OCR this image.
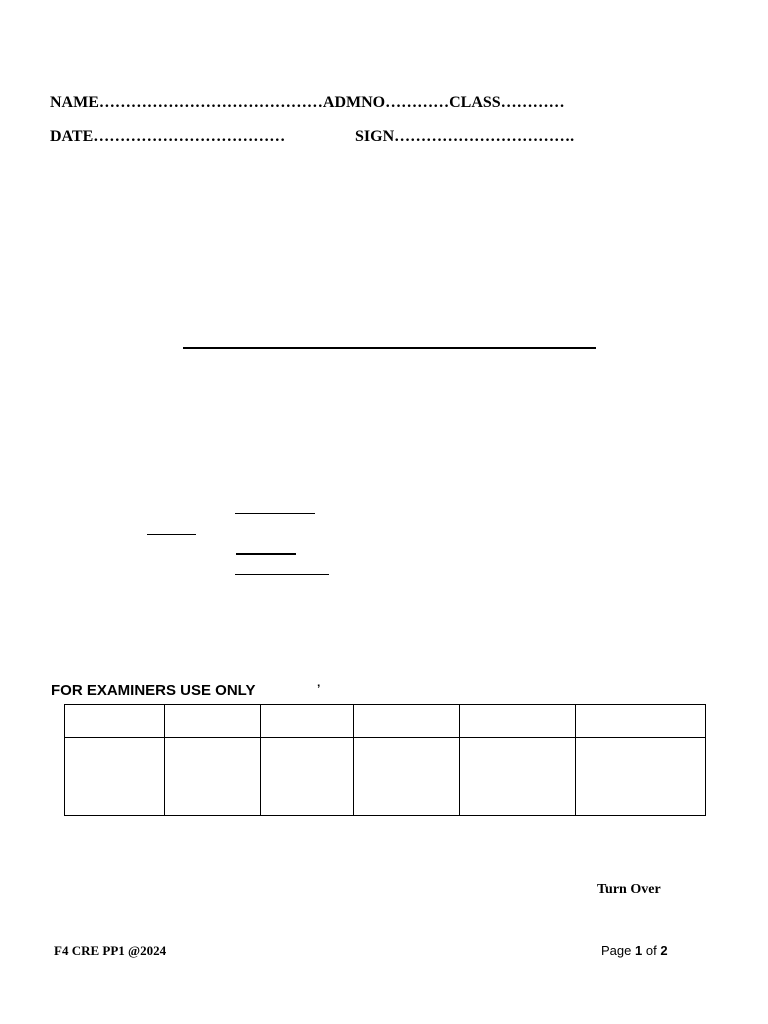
NAME……………………………………ADMNO…………CLASS…………
DATE………………………………	SIGN…………………………….
FOR EXAMINERS USE ONLY	’

Turn Over
F4 CRE PP1 @2024	Page 1 of 2
